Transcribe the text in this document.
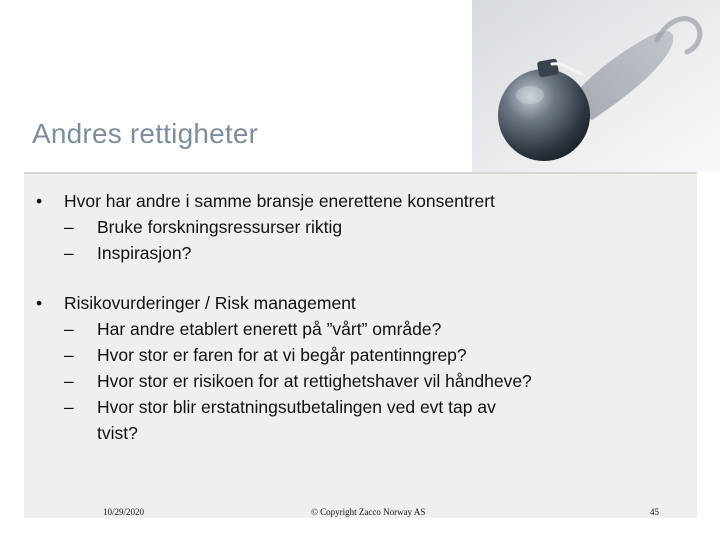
Andres rettigheter
•	Hvor har andre i samme bransje enerettene konsentrert
–	Bruke forskningsressurser riktig
–	Inspirasjon?
•	Risikovurderinger / Risk management
–	Har andre etablert enerett på ”vårt” område?
–	Hvor stor er faren for at vi begår patentinngrep?
–	Hvor stor er risikoen for at rettighetshaver vil håndheve?
–	Hvor stor blir erstatningsutbetalingen ved evt tap av tvist?
10/29/2020	© Copyright Zacco Norway AS	45
